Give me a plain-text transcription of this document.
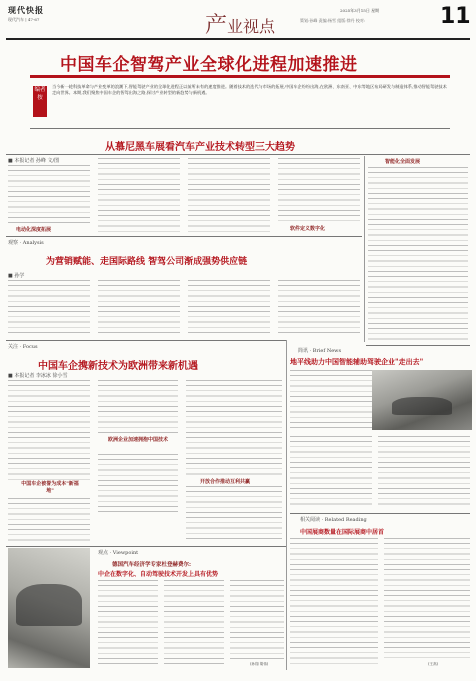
现代快报
现代汽车 | 47-67	产业视点
2025年3月15日 星期
策划:孙峰 责编:杨雪 组版:徐丹 校对:	11
中国车企智驾产业全球化进程加速推进
编者按
当今新一轮科技革命与产业变革的浪潮下,智能驾驶产业的全球化进程正以前所未有的速度推进。随着技术的迭代与市场的拓展,中国车企纷纷出海,在欧洲、东南亚、中东等地区布局研发与制造体系,推动智能驾驶技术走向世界。本期,我们聚焦中国车企的智驾出海之路,探讨产业转型的新趋势与新机遇。
从慕尼黑车展看汽车产业技术转型三大趋势
■ 本报记者 孙峰 文/图
电动化深度拓展	软件定义数字化
智能化全面发展
观察 · Analysis
为营销赋能、走国际路线 智驾公司渐成强势供应链
■ 孙学
简讯 · Brief News
地平线助力中国智能辅助驾驶企业"走出去"
关注 · Focus
中国车企携新技术为欧洲带来新机遇
■ 本报记者 李冰冰 徐小雪
中国车企被誉为成本"新福地"
欧洲企业加速拥抱中国技术
开放合作推动互利共赢
相关阅读 · Related Reading
中国展商数量在国际展商中居首
(王高)
观点 · Viewpoint
德国汽车经济学专家杜登赫费尔:
中企在数字化、自动驾驶技术开发上具有优势
(孙翔 胡伟)
